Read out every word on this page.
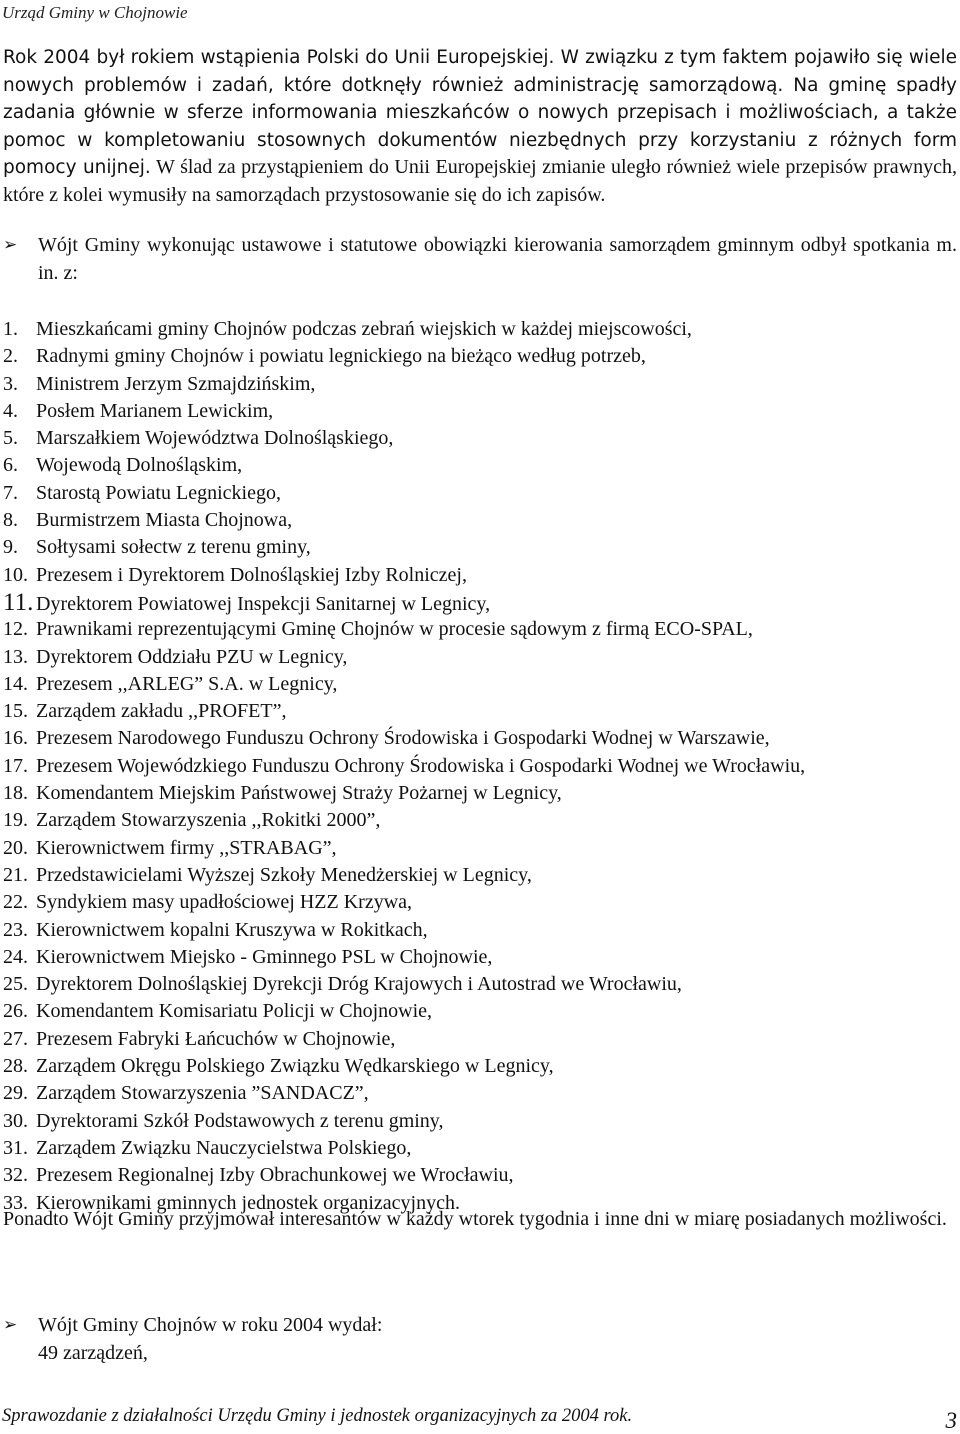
Urząd Gminy w Chojnowie
Rok 2004 był rokiem wstąpienia Polski do Unii Europejskiej. W związku z tym faktem pojawiło się wiele nowych problemów i zadań, które dotknęły również administrację samorządową. Na gminę spadły zadania głównie w sferze informowania mieszkańców o nowych przepisach i możliwościach, a także pomoc w kompletowaniu stosownych dokumentów niezbędnych przy korzystaniu z różnych form pomocy unijnej. W ślad za przystąpieniem do Unii Europejskiej zmianie uległo również wiele przepisów prawnych, które z kolei wymusiły na samorządach przystosowanie się do ich zapisów.
➢	Wójt Gminy wykonując ustawowe i statutowe obowiązki kierowania samorządem gminnym odbył spotkania m. in. z:
1. Mieszkańcami gminy Chojnów podczas zebrań wiejskich w każdej miejscowości,
2. Radnymi gminy Chojnów i powiatu legnickiego na bieżąco według potrzeb,
3. Ministrem Jerzym Szmajdzińskim,
4. Posłem Marianem Lewickim,
5. Marszałkiem Województwa Dolnośląskiego,
6. Wojewodą Dolnośląskim,
7. Starostą Powiatu Legnickiego,
8. Burmistrzem Miasta Chojnowa,
9. Sołtysami sołectw z terenu gminy,
10. Prezesem i Dyrektorem Dolnośląskiej Izby Rolniczej,
11. Dyrektorem Powiatowej Inspekcji Sanitarnej w Legnicy,
12. Prawnikami reprezentującymi Gminę Chojnów w procesie sądowym z firmą ECO-SPAL,
13. Dyrektorem Oddziału PZU w Legnicy,
14. Prezesem ,,ARLEG” S.A. w Legnicy,
15. Zarządem zakładu ,,PROFET”,
16. Prezesem Narodowego Funduszu Ochrony Środowiska i Gospodarki Wodnej w Warszawie,
17. Prezesem Wojewódzkiego Funduszu Ochrony Środowiska i Gospodarki Wodnej we Wrocławiu,
18. Komendantem Miejskim Państwowej Straży Pożarnej w Legnicy,
19. Zarządem Stowarzyszenia ,,Rokitki 2000”,
20. Kierownictwem firmy ,,STRABAG”,
21. Przedstawicielami Wyższej Szkoły Menedżerskiej w Legnicy,
22. Syndykiem masy upadłościowej HZZ Krzywa,
23. Kierownictwem kopalni Kruszywa w Rokitkach,
24. Kierownictwem Miejsko - Gminnego PSL w Chojnowie,
25. Dyrektorem Dolnośląskiej Dyrekcji Dróg Krajowych i Autostrad we Wrocławiu,
26. Komendantem Komisariatu Policji w Chojnowie,
27. Prezesem Fabryki Łańcuchów w Chojnowie,
28. Zarządem Okręgu Polskiego Związku Wędkarskiego w Legnicy,
29. Zarządem Stowarzyszenia ”SANDACZ”,
30. Dyrektorami Szkół Podstawowych z terenu gminy,
31. Zarządem Związku Nauczycielstwa Polskiego,
32. Prezesem Regionalnej Izby Obrachunkowej we Wrocławiu,
33. Kierownikami gminnych jednostek organizacyjnych.
Ponadto Wójt Gminy przyjmował interesantów w każdy wtorek tygodnia i inne dni w miarę posiadanych możliwości.
➢	Wójt Gminy Chojnów w roku 2004 wydał:
49 zarządzeń,
Sprawozdanie z działalności Urzędu Gminy i jednostek organizacyjnych za 2004 rok.	3
